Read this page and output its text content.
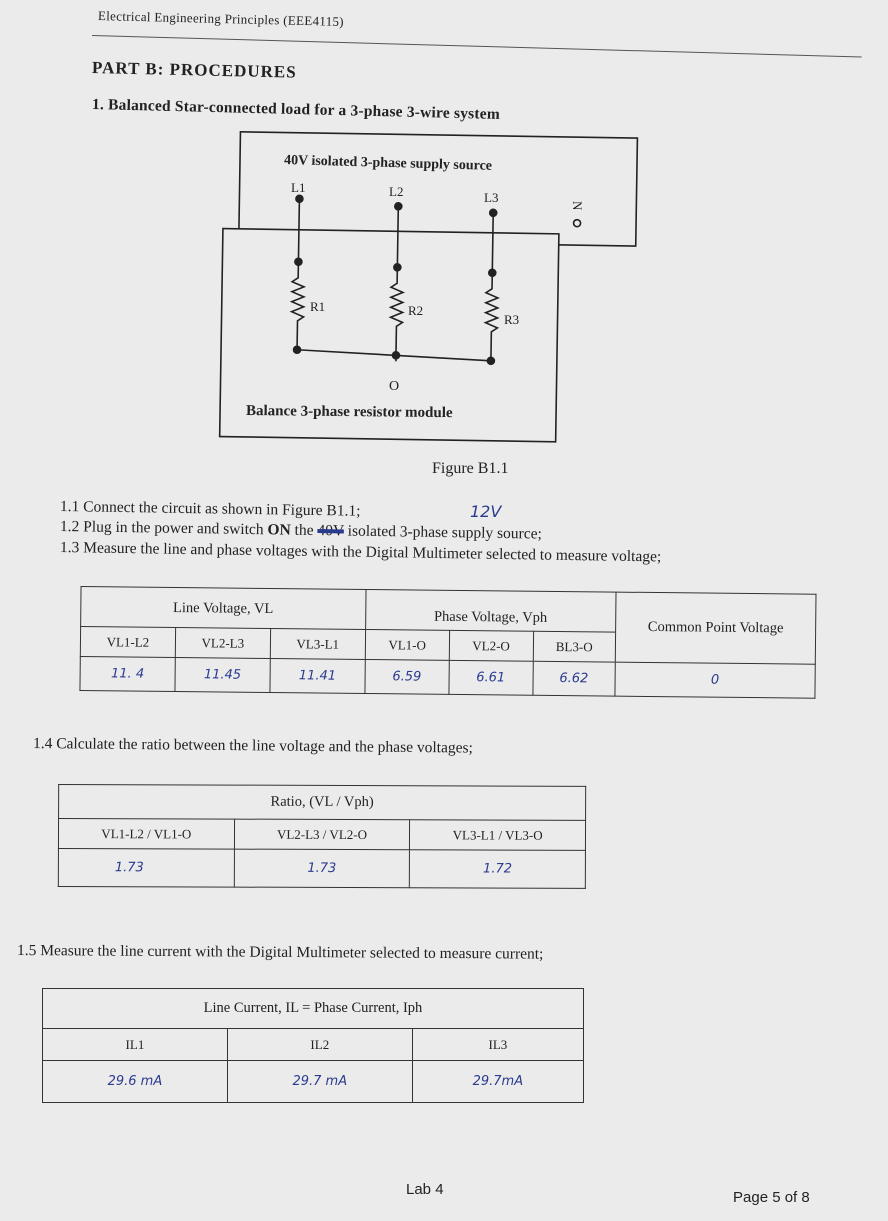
Electrical Engineering Principles (EEE4115)
PART B: PROCEDURES
1. Balanced Star-connected load for a 3-phase 3-wire system
40V isolated 3-phase supply source
L1	L2	L3
N
R1	R2
R3
O
Balance 3-phase resistor module
Figure B1.1
1.1 Connect the circuit as shown in Figure B1.1;
1.2 Plug in the power and switch ON the 40V isolated 3-phase supply source;
12V
1.3 Measure the line and phase voltages with the Digital Multimeter selected to measure voltage;
Line Voltage, VL			Phase Voltage, Vph			Common Point Voltage
VL1-L2	VL2-L3	VL3-L1	VL1-O	VL2-O	BL3-O	
11. 4	11.45	11.41	6.59	6.61	6.62	0
1.4 Calculate the ratio between the line voltage and the phase voltages;
Ratio, (VL / Vph)		
VL1-L2 / VL1-O	VL2-L3 / VL2-O	VL3-L1 / VL3-O
1.73	1.73	1.72
1.5 Measure the line current with the Digital Multimeter selected to measure current;
Line Current, IL = Phase Current, Iph		
IL1	IL2	IL3
29.6 mA	29.7 mA	29.7mA
Lab 4	Page 5 of 8
